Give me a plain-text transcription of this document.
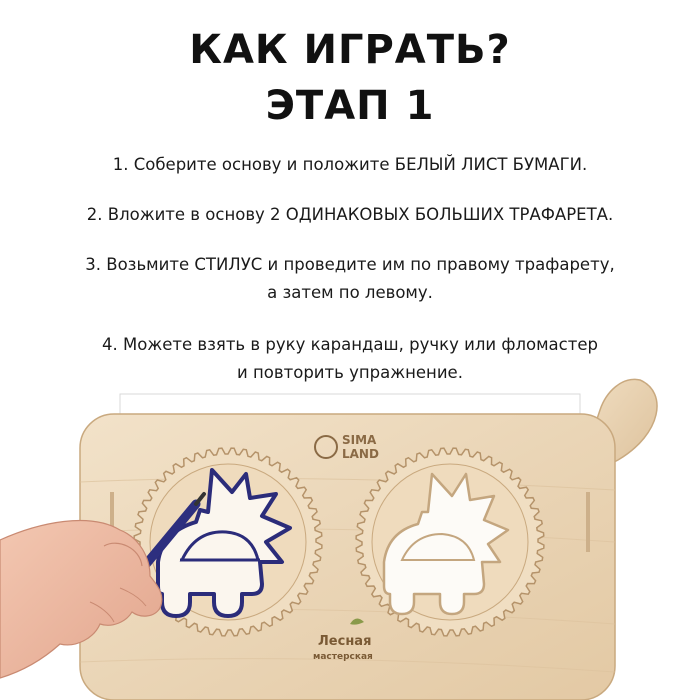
КАК ИГРАТЬ?
ЭТАП 1

1. Соберите основу и положите БЕЛЫЙ ЛИСТ БУМАГИ.

2. Вложите в основу 2 ОДИНАКОВЫХ БОЛЬШИХ ТРАФАРЕТА.

3. Возьмите СТИЛУС и проведите им по правому трафарету,
а затем по левому.

4. Можете взять в руку карандаш, ручку или фломастер
и повторить упражнение.

SIMA
LAND
Лесная
мастерская
